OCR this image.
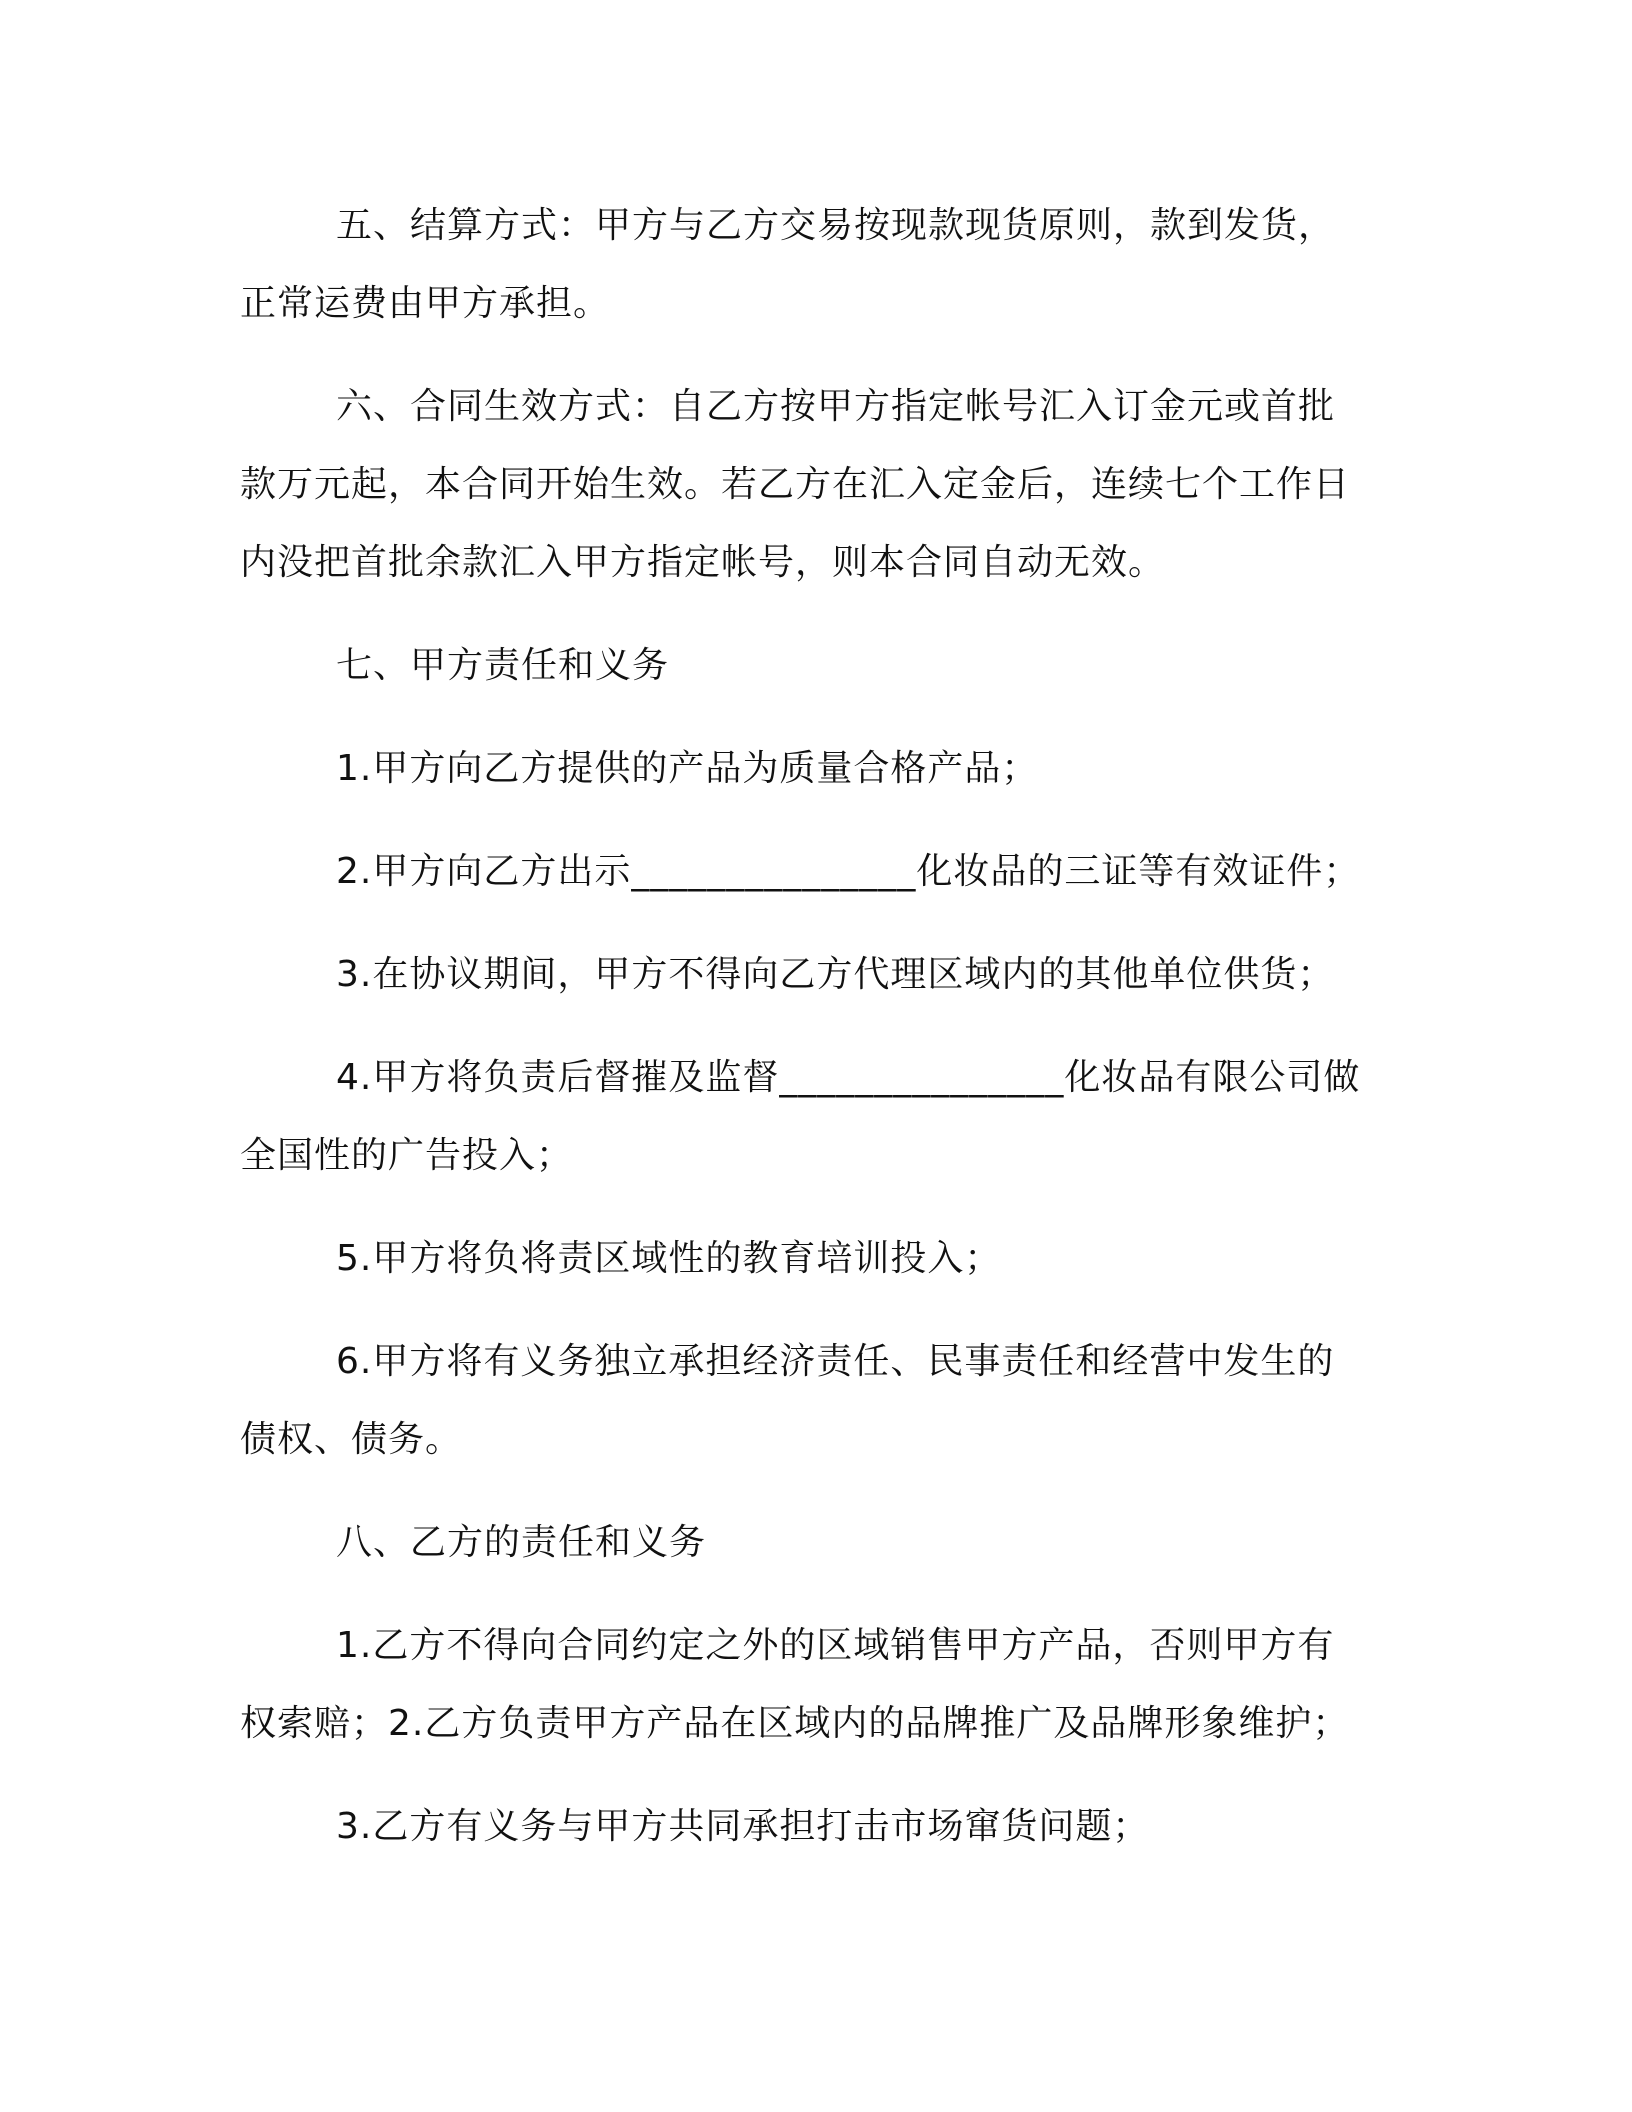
五、结算方式：甲方与乙方交易按现款现货原则，款到发货，正常运费由甲方承担。

六、合同生效方式：自乙方按甲方指定帐号汇入订金元或首批款万元起，本合同开始生效。若乙方在汇入定金后，连续七个工作日内没把首批余款汇入甲方指定帐号，则本合同自动无效。

七、甲方责任和义务

1.甲方向乙方提供的产品为质量合格产品；

2.甲方向乙方出示_______________化妆品的三证等有效证件；

3.在协议期间，甲方不得向乙方代理区域内的其他单位供货；

4.甲方将负责后督摧及监督_______________化妆品有限公司做全国性的广告投入；

5.甲方将负将责区域性的教育培训投入；

6.甲方将有义务独立承担经济责任、民事责任和经营中发生的债权、债务。

八、乙方的责任和义务

1.乙方不得向合同约定之外的区域销售甲方产品，否则甲方有权索赔；2.乙方负责甲方产品在区域内的品牌推广及品牌形象维护；

3.乙方有义务与甲方共同承担打击市场窜货问题；
